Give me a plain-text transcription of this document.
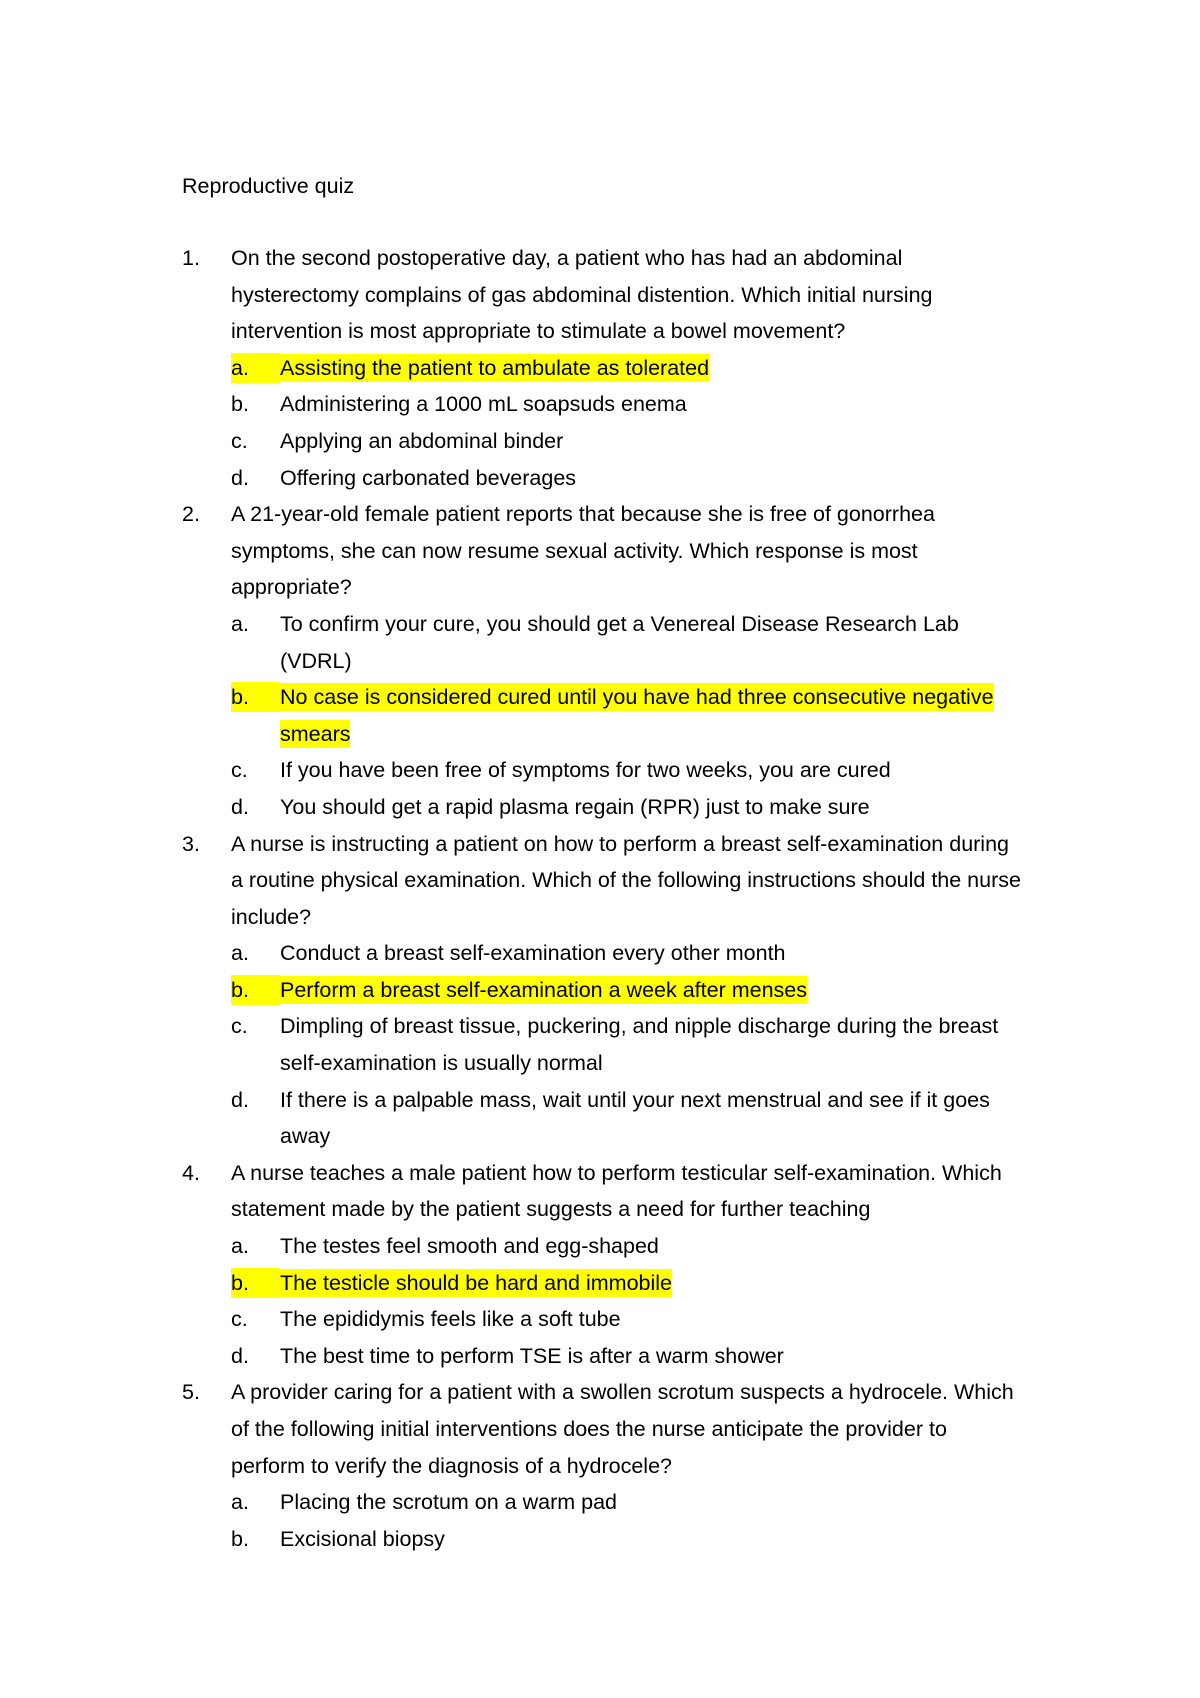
Reproductive quiz
1.	On the second postoperative day, a patient who has had an abdominal hysterectomy complains of gas abdominal distention. Which initial nursing intervention is most appropriate to stimulate a bowel movement?
a.	Assisting the patient to ambulate as tolerated
b.	Administering a 1000 mL soapsuds enema
c.	Applying an abdominal binder
d.	Offering carbonated beverages
2.	A 21-year-old female patient reports that because she is free of gonorrhea symptoms, she can now resume sexual activity. Which response is most appropriate?
a.	To confirm your cure, you should get a Venereal Disease Research Lab (VDRL)
b.	No case is considered cured until you have had three consecutive negative smears
c.	If you have been free of symptoms for two weeks, you are cured
d.	You should get a rapid plasma regain (RPR) just to make sure
3.	A nurse is instructing a patient on how to perform a breast self-examination during a routine physical examination. Which of the following instructions should the nurse include?
a.	Conduct a breast self-examination every other month
b.	Perform a breast self-examination a week after menses
c.	Dimpling of breast tissue, puckering, and nipple discharge during the breast self-examination is usually normal
d.	If there is a palpable mass, wait until your next menstrual and see if it goes away
4.	A nurse teaches a male patient how to perform testicular self-examination. Which statement made by the patient suggests a need for further teaching
a.	The testes feel smooth and egg-shaped
b.	The testicle should be hard and immobile
c.	The epididymis feels like a soft tube
d.	The best time to perform TSE is after a warm shower
5.	A provider caring for a patient with a swollen scrotum suspects a hydrocele. Which of the following initial interventions does the nurse anticipate the provider to perform to verify the diagnosis of a hydrocele?
a.	Placing the scrotum on a warm pad
b.	Excisional biopsy
